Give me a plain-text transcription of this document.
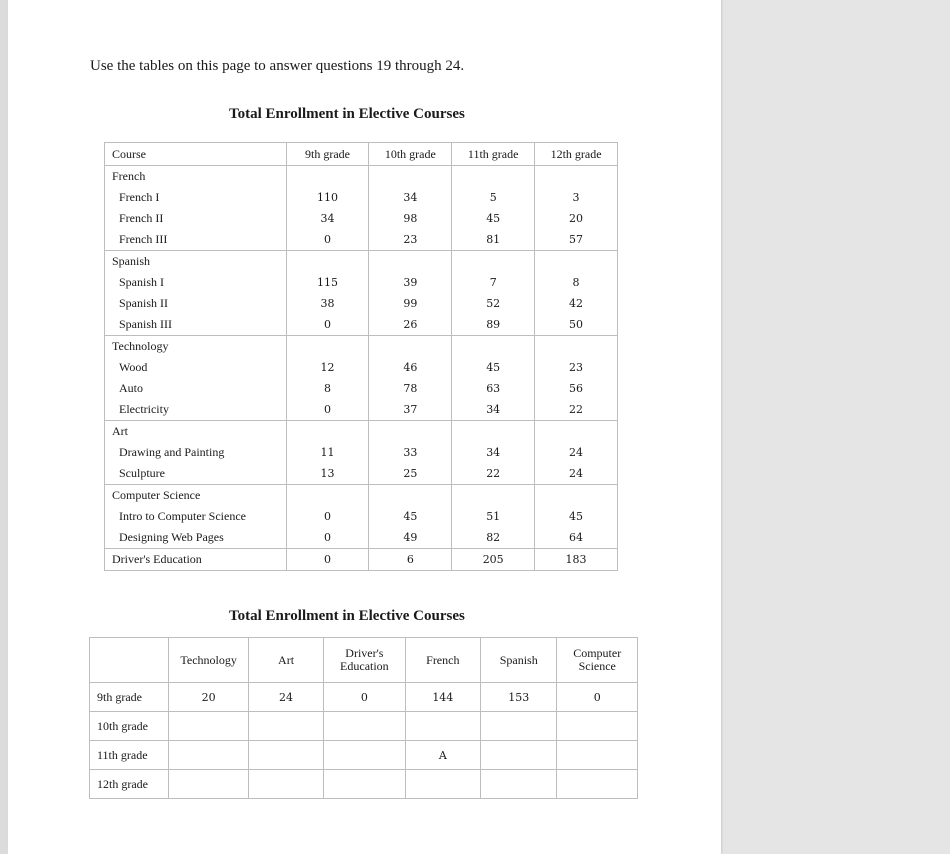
Use the tables on this page to answer questions 19 through 24.
Total Enrollment in Elective Courses
Course	9th grade	10th grade	11th grade	12th grade
French				
French I	110	34	5	3
French II	34	98	45	20
French III	0	23	81	57
Spanish				
Spanish I	115	39	7	8
Spanish II	38	99	52	42
Spanish III	0	26	89	50
Technology				
Wood	12	46	45	23
Auto	8	78	63	56
Electricity	0	37	34	22
Art				
Drawing and Painting	11	33	34	24
Sculpture	13	25	22	24
Computer Science				
Intro to Computer Science	0	45	51	45
Designing Web Pages	0	49	82	64
Driver's Education	0	6	205	183
Total Enrollment in Elective Courses
	Technology	Art	Driver's Education	French	Spanish	Computer Science
9th grade	20	24	0	144	153	0
10th grade						
11th grade				A		
12th grade						
